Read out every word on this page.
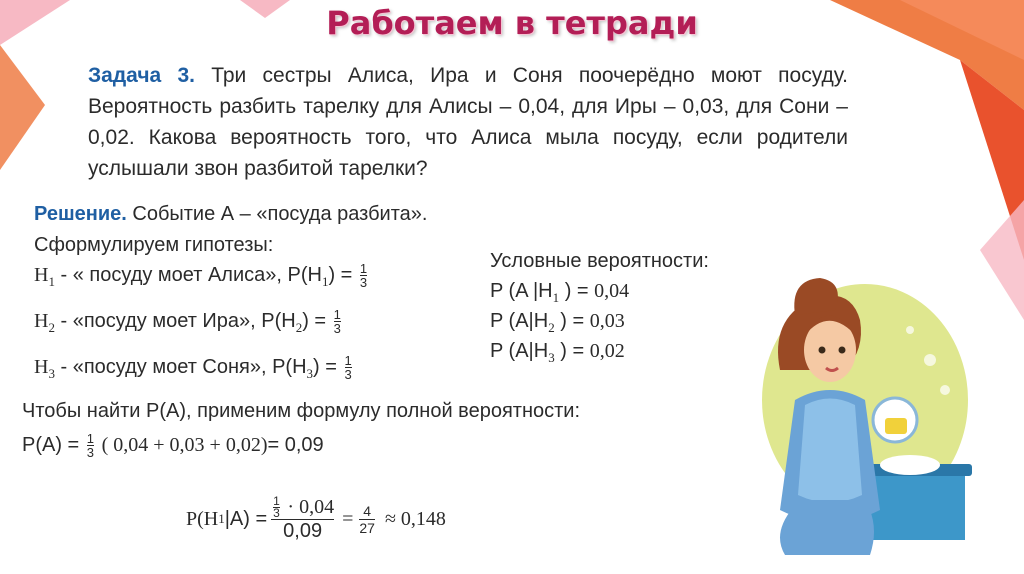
Работаем в тетради
Задача 3. Три сестры Алиса, Ира и Соня поочерёдно моют посуду. Вероятность разбить тарелку для Алисы – 0,04, для Иры – 0,03, для Сони – 0,02. Какова вероятность того, что Алиса мыла посуду, если родители услышали звон разбитой тарелки?
Решение. Событие А – «посуда разбита».
Сформулируем гипотезы:
$H_1$ - « посуду моет Алиса», $P(H_1) = \frac{1}{3}$
$H_2$ - «посуду моет Ира», $P(H_2) = \frac{1}{3}$
$H_3$ - «посуду моет Соня», $P(H_3) = \frac{1}{3}$
Условные вероятности:
P (A $|H_1$ ) = 0,04
P ($A|H_2$ ) = 0,03
P ($A|H_3$ ) = 0,02
Чтобы найти P(A), применим формулу полной вероятности:
$P(A) = \frac{1}{3}$ ( 0,04 + 0,03 + 0,02)= 0,09
P(H 1 $|A) = \frac{\frac{1}{3} \cdot 0,04}{0,09} = \frac{4}{27} \approx 0,148$
